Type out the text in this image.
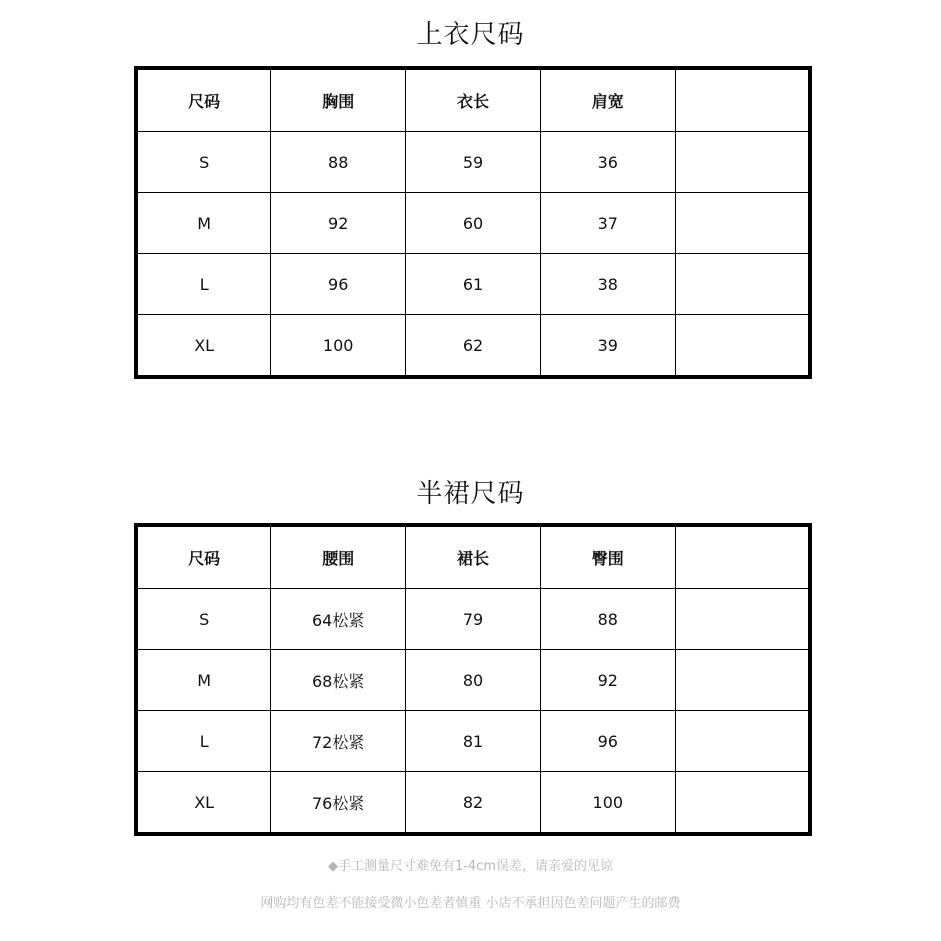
上衣尺码
尺码	胸围	衣长	肩宽	
S	88	59	36	
M	92	60	37	
L	96	61	38	
XL	100	62	39	
半裙尺码
尺码	腰围	裙长	臀围	
S	64松紧	79	88	
M	68松紧	80	92	
L	72松紧	81	96	
XL	76松紧	82	100	
◆手工测量尺寸难免有1-4cm误差，请亲爱的见谅
网购均有色差不能接受微小色差者慎重 小店不承担因色差问题产生的邮费
